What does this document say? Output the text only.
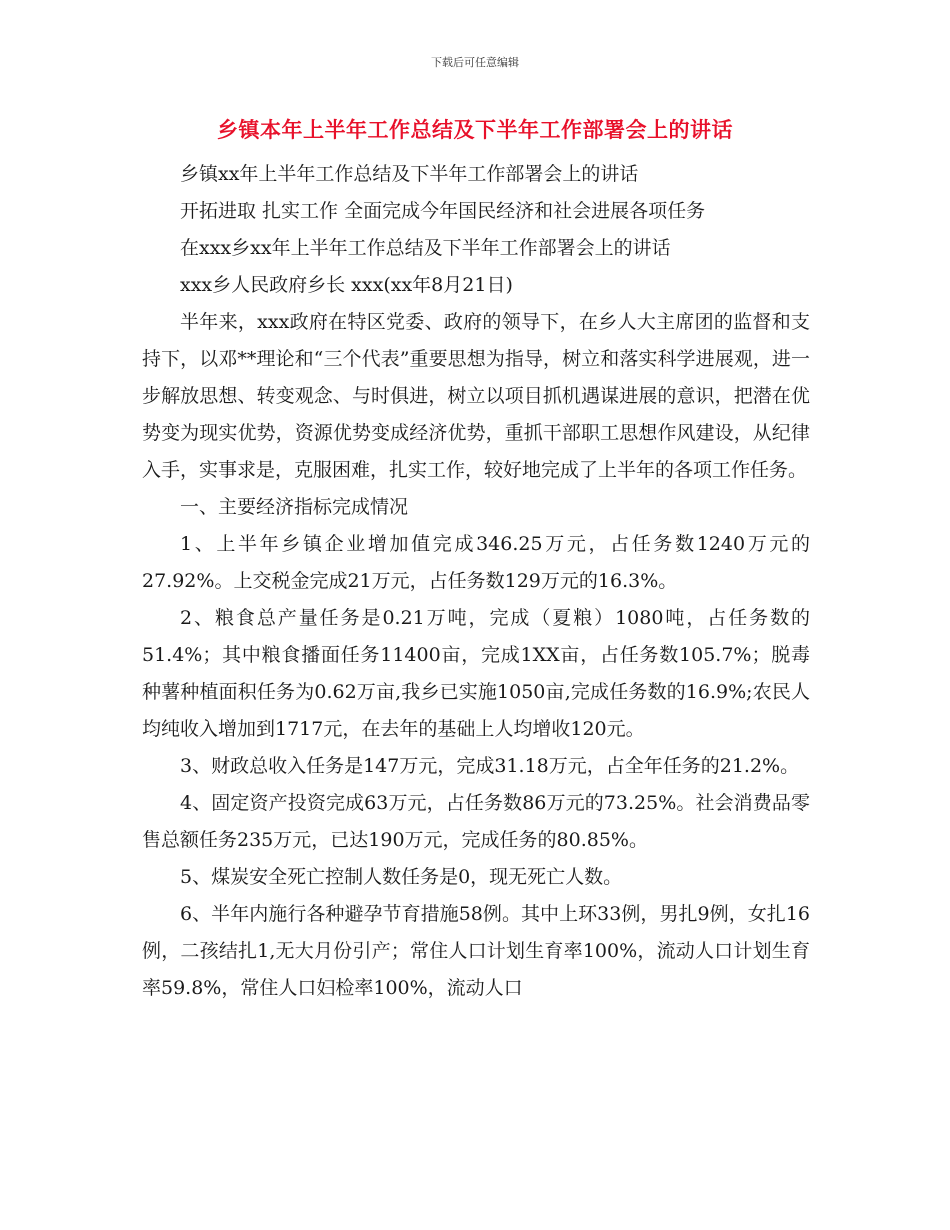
下载后可任意编辑
乡镇本年上半年工作总结及下半年工作部署会上的讲话

乡镇xx年上半年工作总结及下半年工作部署会上的讲话

开拓进取 扎实工作 全面完成今年国民经济和社会进展各项任务

在xxx乡xx年上半年工作总结及下半年工作部署会上的讲话

xxx乡人民政府乡长 xxx(xx年8月21日)

半年来，xxx政府在特区党委、政府的领导下，在乡人大主席团的监督和支持下，以邓**理论和“三个代表”重要思想为指导，树立和落实科学进展观，进一步解放思想、转变观念、与时俱进，树立以项目抓机遇谋进展的意识，把潜在优势变为现实优势，资源优势变成经济优势，重抓干部职工思想作风建设，从纪律入手，实事求是，克服困难，扎实工作，较好地完成了上半年的各项工作任务。

一、主要经济指标完成情况

1、上半年乡镇企业增加值完成346.25万元，占任务数1240万元的27.92%。上交税金完成21万元，占任务数129万元的16.3%。

2、粮食总产量任务是0.21万吨，完成（夏粮）1080吨，占任务数的51.4%；其中粮食播面任务11400亩，完成1XX亩，占任务数105.7%；脱毒种薯种植面积任务为0.62万亩,我乡已实施1050亩,完成任务数的16.9%;农民人均纯收入增加到1717元，在去年的基础上人均增收120元。

3、财政总收入任务是147万元，完成31.18万元，占全年任务的21.2%。

4、固定资产投资完成63万元，占任务数86万元的73.25%。社会消费品零售总额任务235万元，已达190万元，完成任务的80.85%。

5、煤炭安全死亡控制人数任务是0，现无死亡人数。

6、半年内施行各种避孕节育措施58例。其中上环33例，男扎9例，女扎16例，二孩结扎1,无大月份引产；常住人口计划生育率100%，流动人口计划生育率59.8%，常住人口妇检率100%，流动人口
